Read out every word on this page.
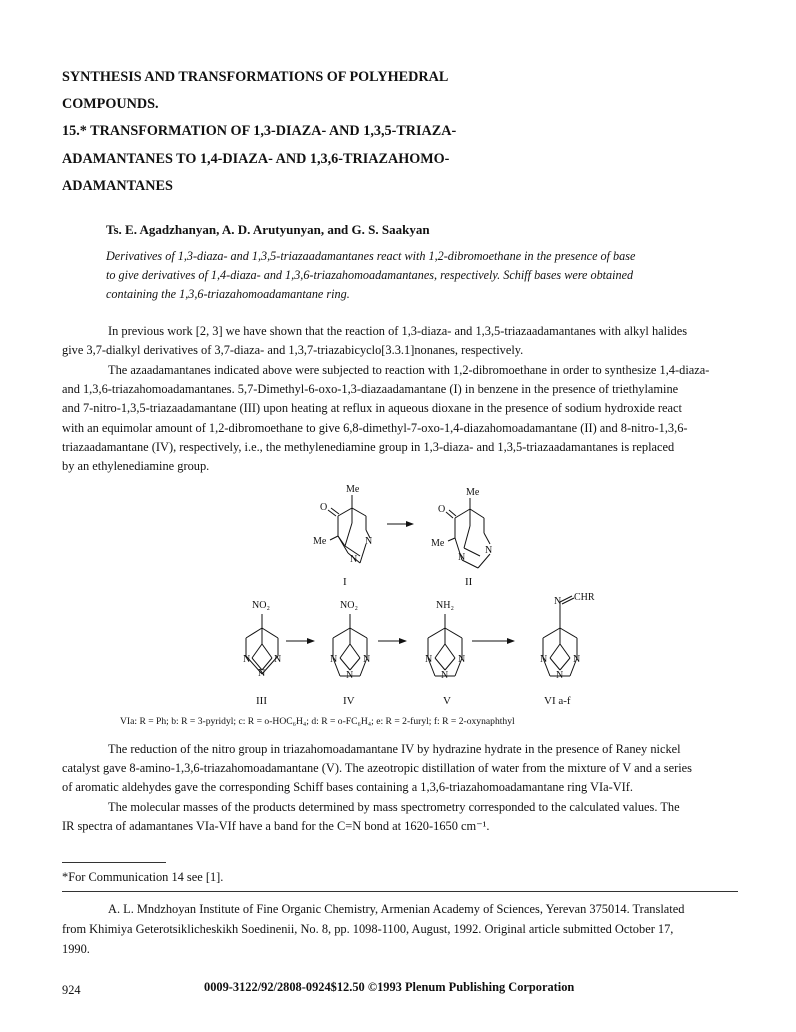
SYNTHESIS AND TRANSFORMATIONS OF POLYHEDRAL
COMPOUNDS.
15.* TRANSFORMATION OF 1,3-DIAZA- AND 1,3,5-TRIAZA-
ADAMANTANES TO 1,4-DIAZA- AND 1,3,6-TRIAZAHOMO-
ADAMANTANES
Ts. E. Agadzhanyan, A. D. Arutyunyan, and G. S. Saakyan
Derivatives of 1,3-diaza- and 1,3,5-triazaadamantanes react with 1,2-dibromoethane in the presence of base
to give derivatives of 1,4-diaza- and 1,3,6-triazahomoadamantanes, respectively. Schiff bases were obtained
containing the 1,3,6-triazahomoadamantane ring.
In previous work [2, 3] we have shown that the reaction of 1,3-diaza- and 1,3,5-triazaadamantanes with alkyl halides
give 3,7-dialkyl derivatives of 3,7-diaza- and 1,3,7-triazabicyclo[3.3.1]nonanes, respectively.
The azaadamantanes indicated above were subjected to reaction with 1,2-dibromoethane in order to synthesize 1,4-diaza-
and 1,3,6-triazahomoadamantanes. 5,7-Dimethyl-6-oxo-1,3-diazaadamantane (I) in benzene in the presence of triethylamine
and 7-nitro-1,3,5-triazaadamantane (III) upon heating at reflux in aqueous dioxane in the presence of sodium hydroxide react
with an equimolar amount of 1,2-dibromoethane to give 6,8-dimethyl-7-oxo-1,4-diazahomoadamantane (II) and 8-nitro-1,3,6-
triazaadamantane (IV), respectively, i.e., the methylenediamine group in 1,3-diaza- and 1,3,5-triazaadamantanes is replaced
by an ethylenediamine group.
Me
O
Me	N
N
Me
O
Me
N
N
NO₂
N N
N
NO₂
N	N
N
NH₂
N	N
N
N CHR
N	N
N
I	II
III	IV	V	VI a-f
VIa: R = Ph; b: R = 3-pyridyl; c: R = o-HOC₆H₄; d: R = o-FC₆H₄; e: R = 2-furyl; f: R = 2-oxynaphthyl
The reduction of the nitro group in triazahomoadamantane IV by hydrazine hydrate in the presence of Raney nickel
catalyst gave 8-amino-1,3,6-triazahomoadamantane (V). The azeotropic distillation of water from the mixture of V and a series
of aromatic aldehydes gave the corresponding Schiff bases containing a 1,3,6-triazahomoadamantane ring VIa-VIf.
The molecular masses of the products determined by mass spectrometry corresponded to the calculated values. The
IR spectra of adamantanes VIa-VIf have a band for the C=N bond at 1620-1650 cm⁻¹.
*For Communication 14 see [1].
A. L. Mndzhoyan Institute of Fine Organic Chemistry, Armenian Academy of Sciences, Yerevan 375014. Translated
from Khimiya Geterotsiklicheskikh Soedinenii, No. 8, pp. 1098-1100, August, 1992. Original article submitted October 17,
1990.
924	0009-3122/92/2808-0924$12.50 ©1993 Plenum Publishing Corporation
